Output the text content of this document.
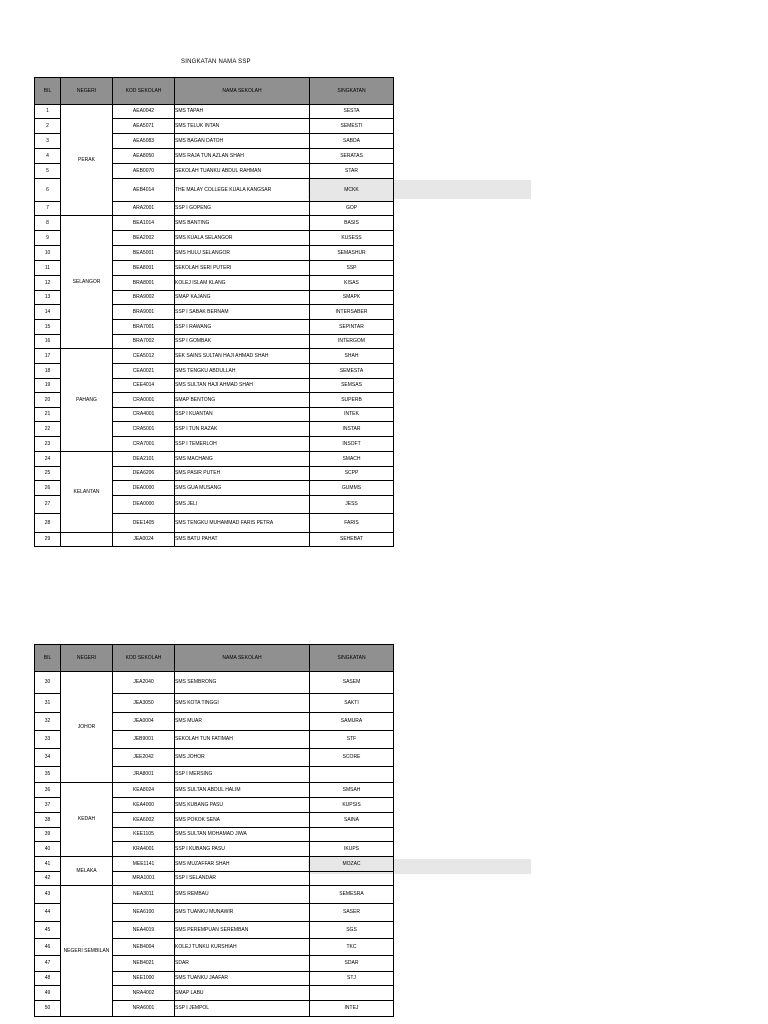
SINGKATAN NAMA SSP
BIL	NEGERI	KOD SEKOLAH	NAMA SEKOLAH	SINGKATAN
1	PERAK	AEA0042	SMS TAPAH	SESTA
2		AEA5071	SMS TELUK INTAN	SEMESTI
3		AEA5083	SMS BAGAN DATOH	SABDA
4		AEA8050	SMS RAJA TUN AZLAN SHAH	SERATAS
5		AEB0070	SEKOLAH TUANKU ABDUL RAHMAN	STAR
6		AEB4014	THE MALAY COLLEGE KUALA KANGSAR	MCKK
7		ARA2001	SSP I GOPENG	GOP
8	SELANGOR	BEA1014	SMS BANTING	BASIS
9		BEA2002	SMS KUALA SELANGOR	KUSESS
10		BEA5001	SMS HULU SELANGOR	SEMASHUR
11		BEA8001	SEKOLAH SERI PUTERI	SSP
12		BRA8001	KOLEJ ISLAM KLANG	KISAS
13		BRA9002	SMAP KAJANG	SMAPK
14		BRA9001	SSP I SABAK BERNAM	INTERSABER
15		BRA7001	SSP I RAWANG	SEPINTAR
16		BRA7002	SSP I GOMBAK	INTERGOM
17	PAHANG	CEA5012	SEK SAINS SULTAN HAJI AHMAD SHAH	SHAH
18		CEA0021	SMS TENGKU ABDULLAH	SEMESTA
19		CEE4014	SMS SULTAN HAJI AHMAD SHAH	SEMSAS
20		CRA0001	SMAP BENTONG	SUPERB
21		CRA4001	SSP I KUANTAN	INTEK
22		CRA5001	SSP I TUN RAZAK	INSTAR
23		CRA7001	SSP I TEMERLOH	INSOFT
24	KELANTAN	DEA2101	SMS MACHANG	SMACH
25		DEA6206	SMS PASIR PUTEH	SCPP
26		DEA0000	SMS GUA MUSANG	GUMMS
27		DEA0000	SMS JELI	JESS
28		DEE1405	SMS TENGKU MUHAMMAD FARIS PETRA	FARIS
29		JEA0024	SMS BATU PAHAT	SEHEBAT
BIL	NEGERI	KOD SEKOLAH	NAMA SEKOLAH	SINGKATAN
30	JOHOR	JEA2040	SMS SEMBRONG	SASEM
31		JEA3050	SMS KOTA TINGGI	SAKTI
32		JEA0004	SMS MUAR	SAMURA
33		JEB9001	SEKOLAH TUN FATIMAH	STF
34		JEE2042	SMS JOHOR	SCORE
35		JRA8001	SSP I MERSING	
36	KEDAH	KEA8024	SMS SULTAN ABDUL HALIM	SMSAH
37		KEA4000	SMS KUBANG PASU	KUPSIS
38		KEA6002	SMS POKOK SENA	SAINA
39		KEE1105	SMS SULTAN MOHAMAD JIWA	
40		KRA4001	SSP I KUBANG PASU	IKUPS
41	MELAKA	MEE1141	SMS MUZAFFAR SHAH	MOZAC
42		MRA1001	SSP I SELANDAR	
43	NEGERI SEMBILAN	NEA3011	SMS REMBAU	SEMESRA
44		NEA6100	SMS TUANKU MUNAWIR	SASER
45		NEA4019	SMS PEREMPUAN SEREMBAN	SGS
46		NEB4004	KOLEJ TUNKU KURSHIAH	TKC
47		NEB4021	SDAR	SDAR
48		NEE1000	SMS TUANKU JAAFAR	STJ
49		NRA4002	SMAP LABU	
50		NRA6001	SSP I JEMPOL	INTEJ
